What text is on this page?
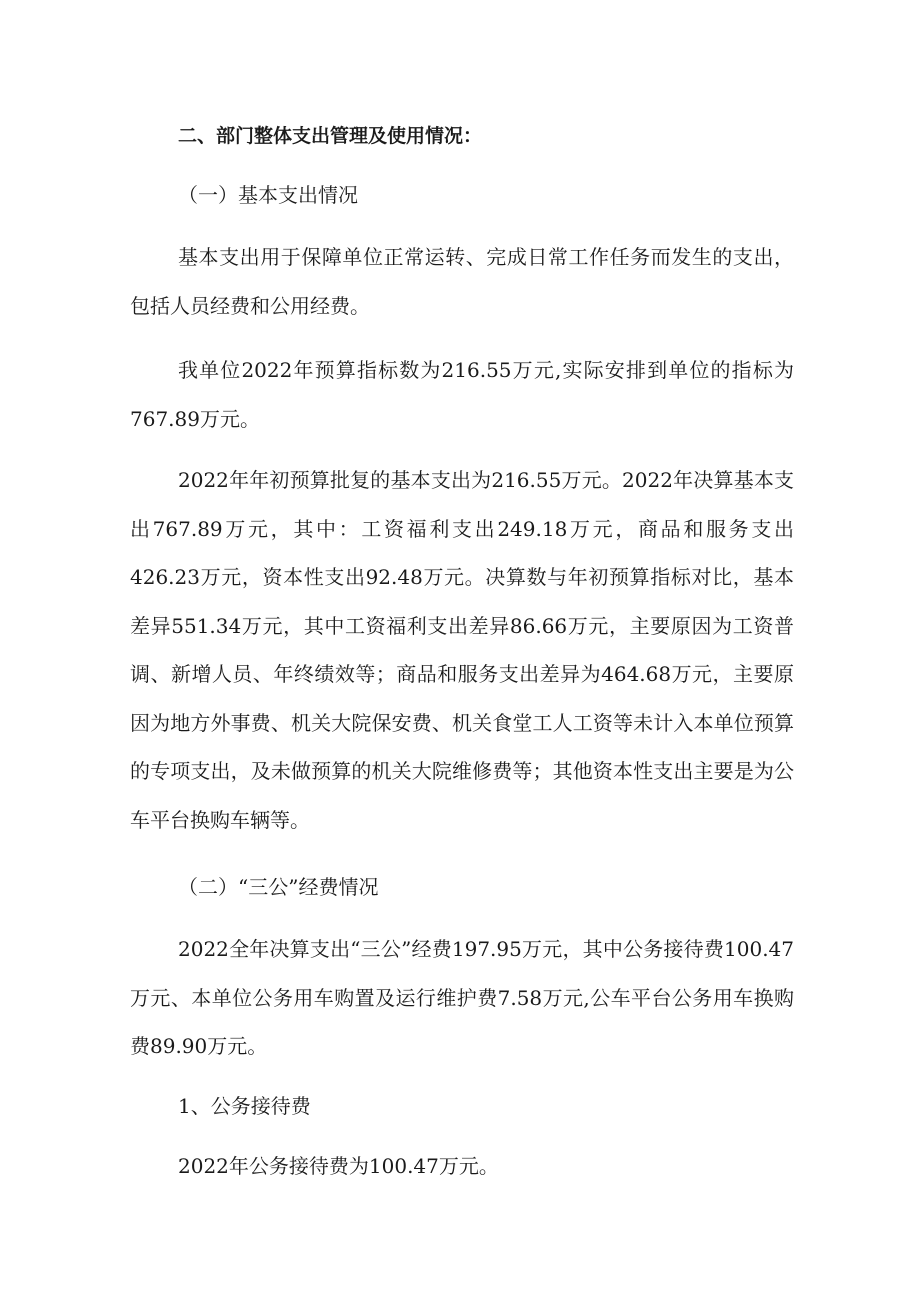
二、部门整体支出管理及使用情况：
（一）基本支出情况

基本支出用于保障单位正常运转、完成日常工作任务而发生的支出，包括人员经费和公用经费。

我单位2022年预算指标数为216.55万元,实际安排到单位的指标为767.89万元。

2022年年初预算批复的基本支出为216.55万元。2022年决算基本支出767.89万元，其中：工资福利支出249.18万元，商品和服务支出426.23万元，资本性支出92.48万元。决算数与年初预算指标对比，基本差异551.34万元，其中工资福利支出差异86.66万元，主要原因为工资普调、新增人员、年终绩效等；商品和服务支出差异为464.68万元，主要原因为地方外事费、机关大院保安费、机关食堂工人工资等未计入本单位预算的专项支出，及未做预算的机关大院维修费等；其他资本性支出主要是为公车平台换购车辆等。

（二）“三公”经费情况

2022全年决算支出“三公”经费197.95万元，其中公务接待费100.47万元、本单位公务用车购置及运行维护费7.58万元,公车平台公务用车换购费89.90万元。

1、公务接待费
2022年公务接待费为100.47万元。
